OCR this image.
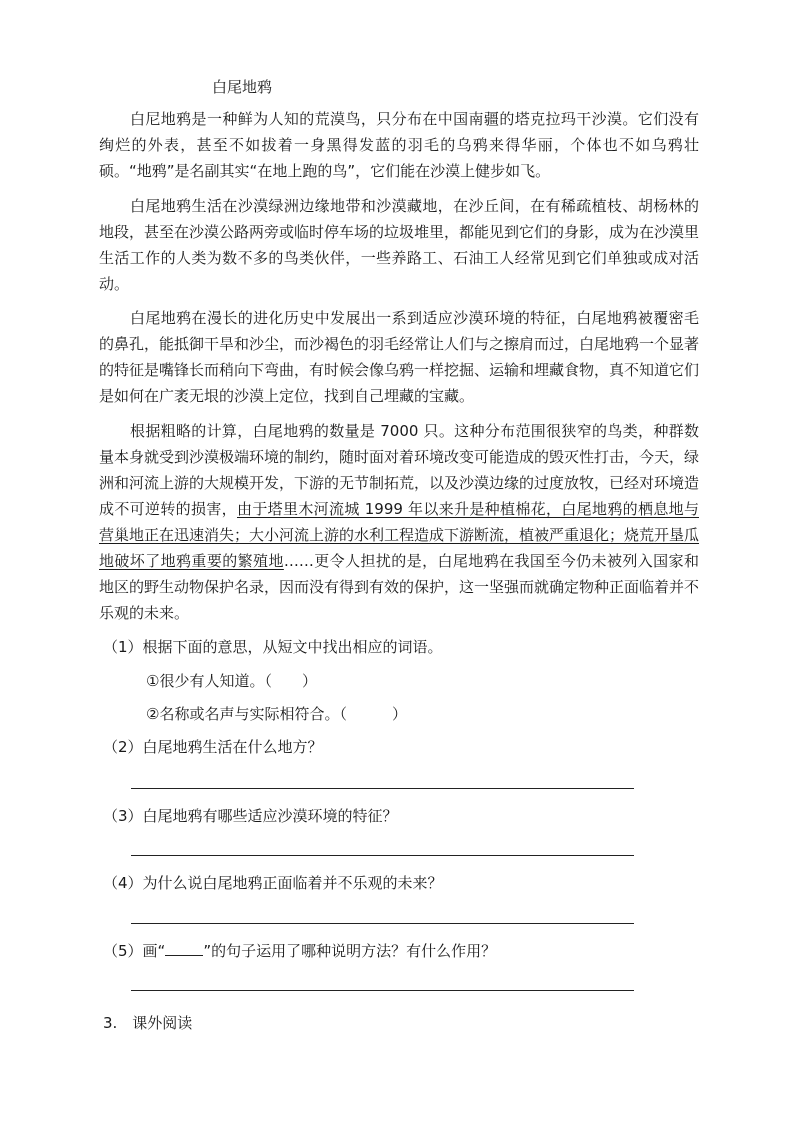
白尾地鸦

白尼地鸦是一种鲜为人知的荒漠鸟，只分布在中国南疆的塔克拉玛干沙漠。它们没有绚烂的外表，甚至不如拔着一身黑得发蓝的羽毛的乌鸦来得华丽，个体也不如乌鸦壮硕。“地鸦”是名副其实“在地上跑的鸟”，它们能在沙漠上健步如飞。

白尾地鸦生活在沙漠绿洲边缘地带和沙漠藏地，在沙丘间，在有稀疏植枝、胡杨林的地段，甚至在沙漠公路两旁或临时停车场的垃圾堆里，都能见到它们的身影，成为在沙漠里生活工作的人类为数不多的鸟类伙伴，一些养路工、石油工人经常见到它们单独或成对活动。

白尾地鸦在漫长的进化历史中发展出一系到适应沙漠环境的特征，白尾地鸦被覆密毛的鼻孔，能抵御干旱和沙尘，而沙褐色的羽毛经常让人们与之擦肩而过，白尾地鸦一个显著的特征是嘴锋长而稍向下弯曲，有时候会像乌鸦一样挖掘、运输和埋藏食物，真不知道它们是如何在广袤无垠的沙漠上定位，找到自己埋藏的宝藏。

根据粗略的计算，白尾地鸦的数量是 7000 只。这种分布范围很狭窄的鸟类，种群数量本身就受到沙漠极端环境的制约，随时面对着环境改变可能造成的毁灭性打击，今天，绿洲和河流上游的大规模开发，下游的无节制拓荒，以及沙漠边缘的过度放牧，已经对环境造成不可逆转的损害，由于塔里木河流城 1999 年以来升是种植棉花，白尾地鸦的栖息地与营巢地正在迅速消失；大小河流上游的水利工程造成下游断流，植被严重退化；烧荒开垦瓜地破坏了地鸦重要的繁殖地……更令人担扰的是，白尾地鸦在我国至今仍未被列入国家和地区的野生动物保护名录，因而没有得到有效的保护，这一坚强而就确定物种正面临着并不乐观的未来。

（1）根据下面的意思，从短文中找出相应的词语。
①很少有人知道。（　　）
②名称或名声与实际相符合。（　　　）
（2）白尾地鸦生活在什么地方？
（3）白尾地鸦有哪些适应沙漠环境的特征？
（4）为什么说白尾地鸦正面临着并不乐观的未来？
（5）画“	”的句子运用了哪种说明方法？有什么作用？
3.　课外阅读
